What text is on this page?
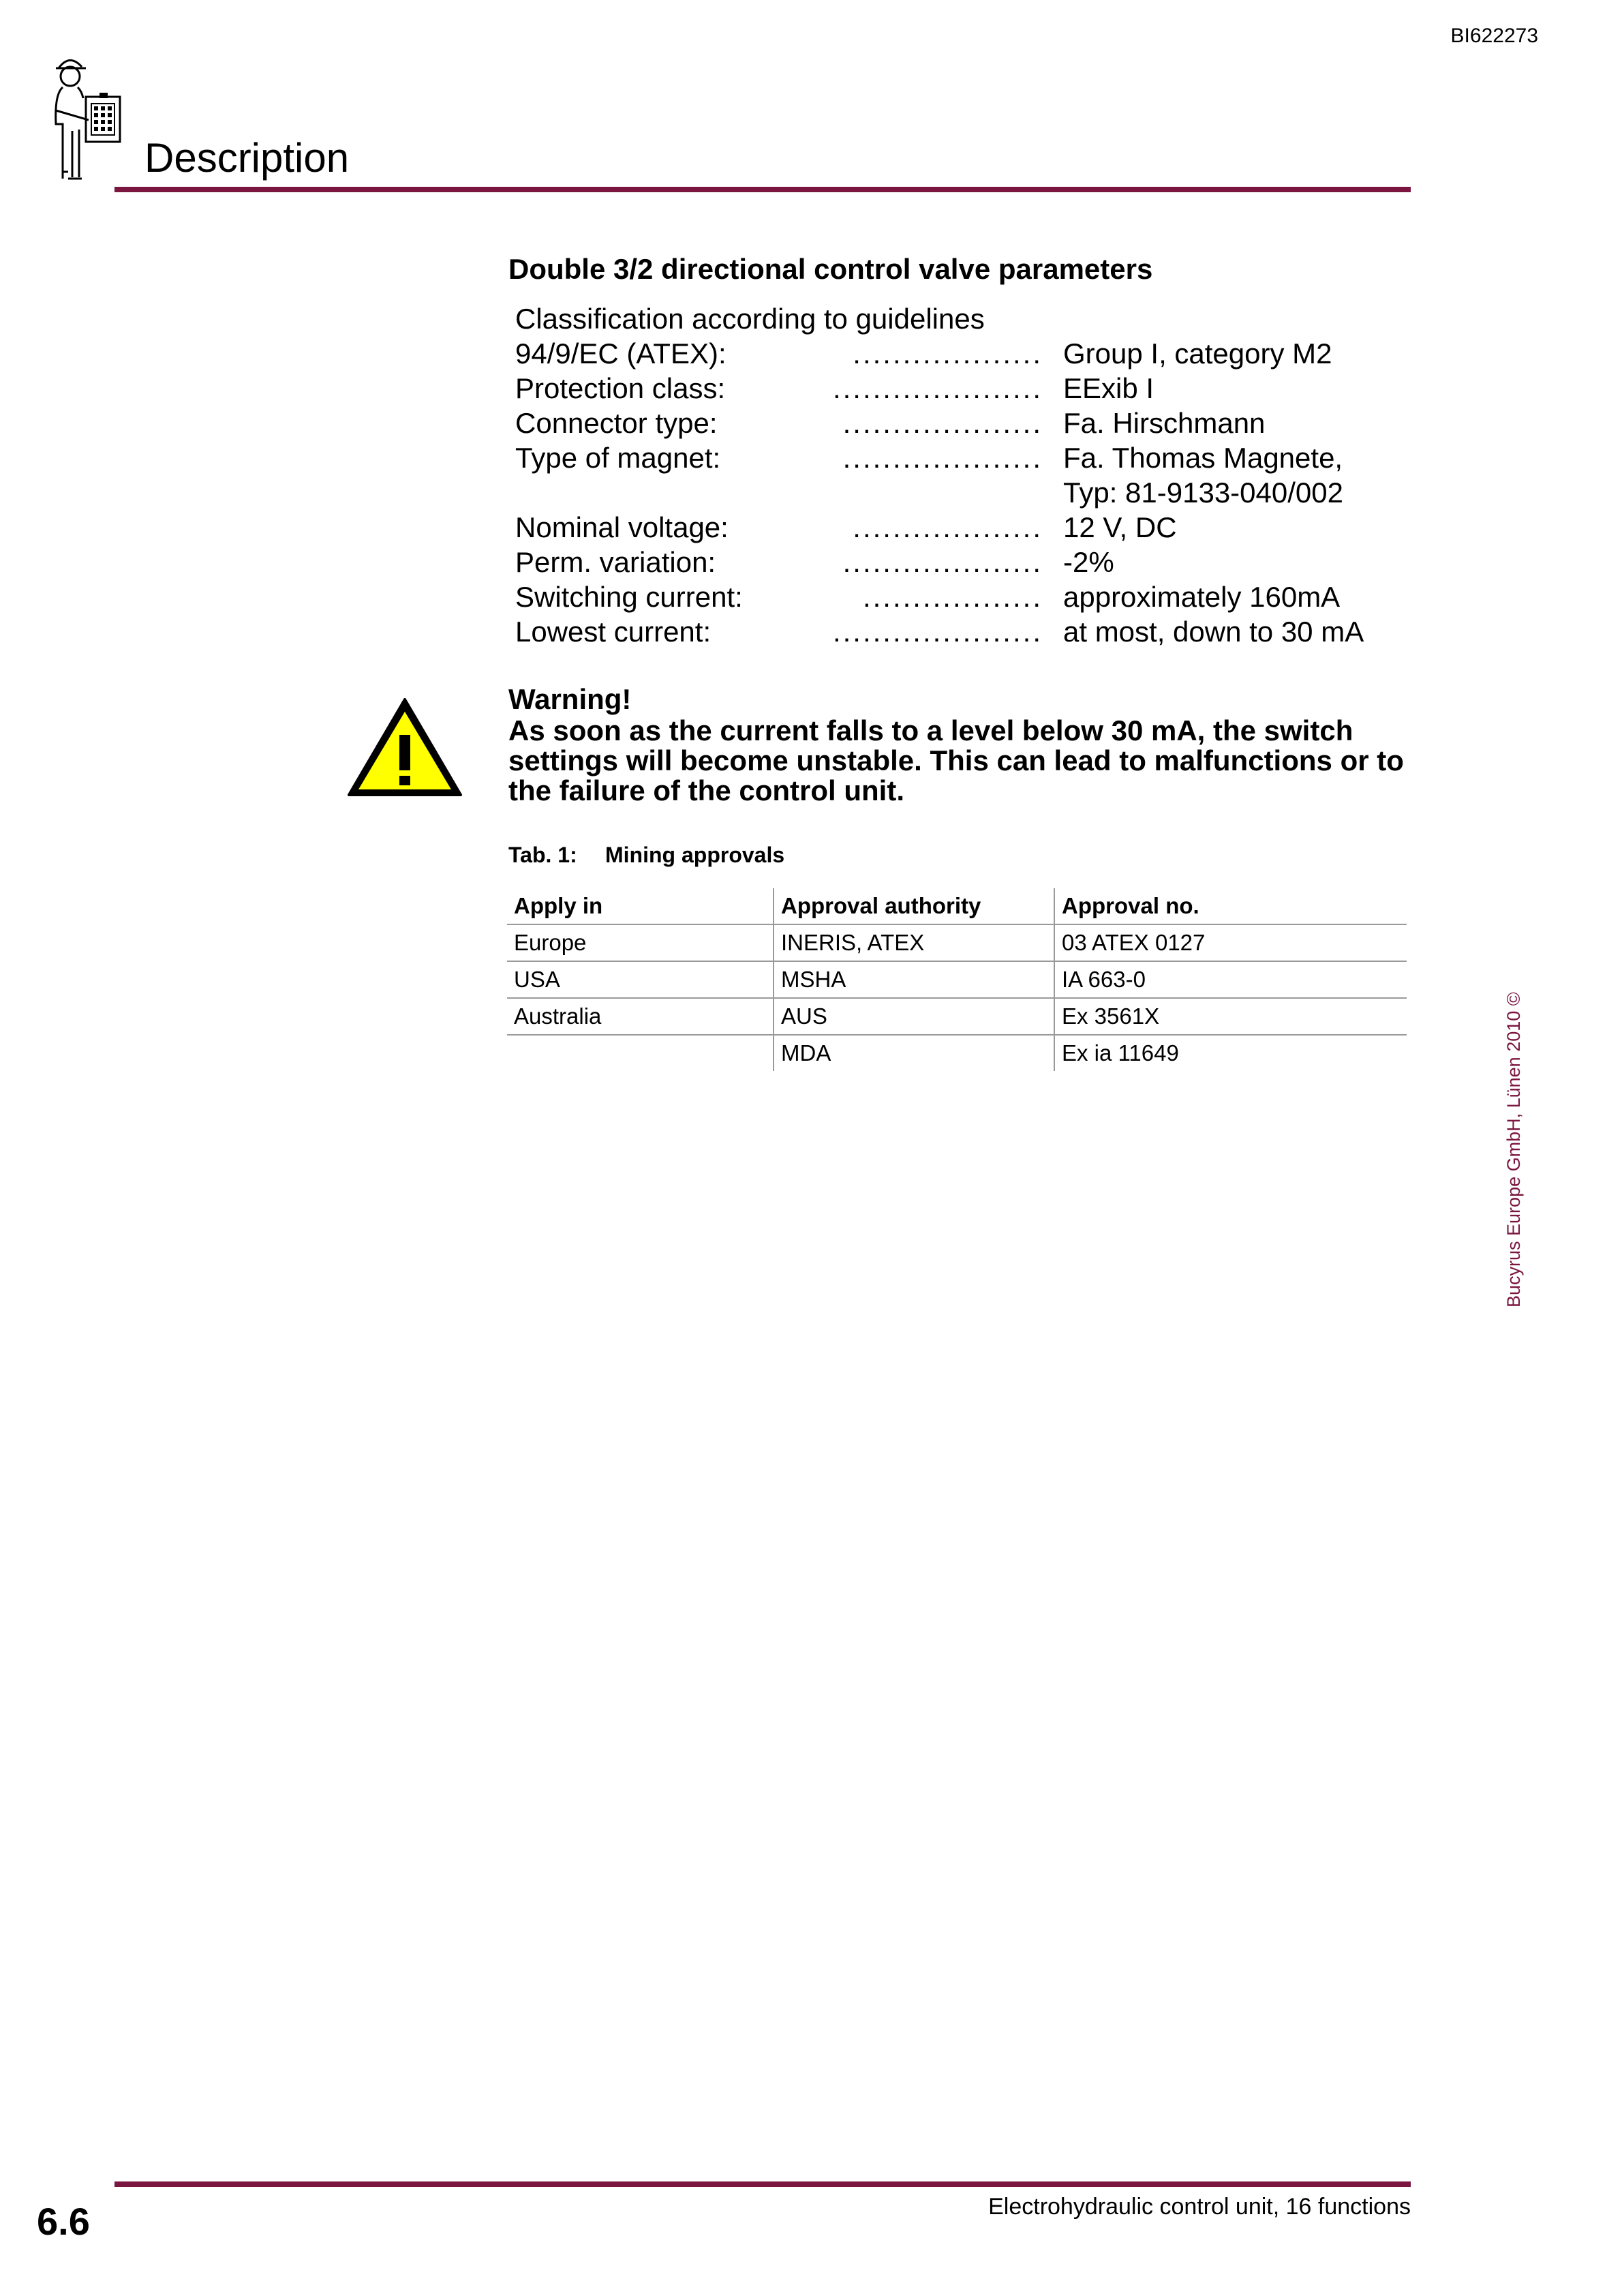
BI622273
Description
Double 3/2 directional control valve parameters
Classification according to guidelines
94/9/EC (ATEX):	................... Group I, category M2
Protection class:	..................... EExib I
Connector type:	.................... Fa. Hirschmann
Type of magnet:	.................... Fa. Thomas Magnete,
Typ: 81-9133-040/002
Nominal voltage:	................... 12 V, DC
Perm. variation:	.................... -2%
Switching current:	.................. approximately 160mA
Lowest current:	..................... at most, down to 30 mA
Warning!
As soon as the current falls to a level below 30 mA, the switch settings will become unstable. This can lead to malfunctions or to the failure of the control unit.
Tab. 1: Mining approvals
Apply in	Approval authority	Approval no.
Europe	INERIS, ATEX	03 ATEX 0127
USA	MSHA	IA 663-0
Australia	AUS	Ex 3561X
	MDA	Ex ia 11649	Bucyrus Europe GmbH, Lünen 2010 ©
6.6	Electrohydraulic control unit, 16 functions
